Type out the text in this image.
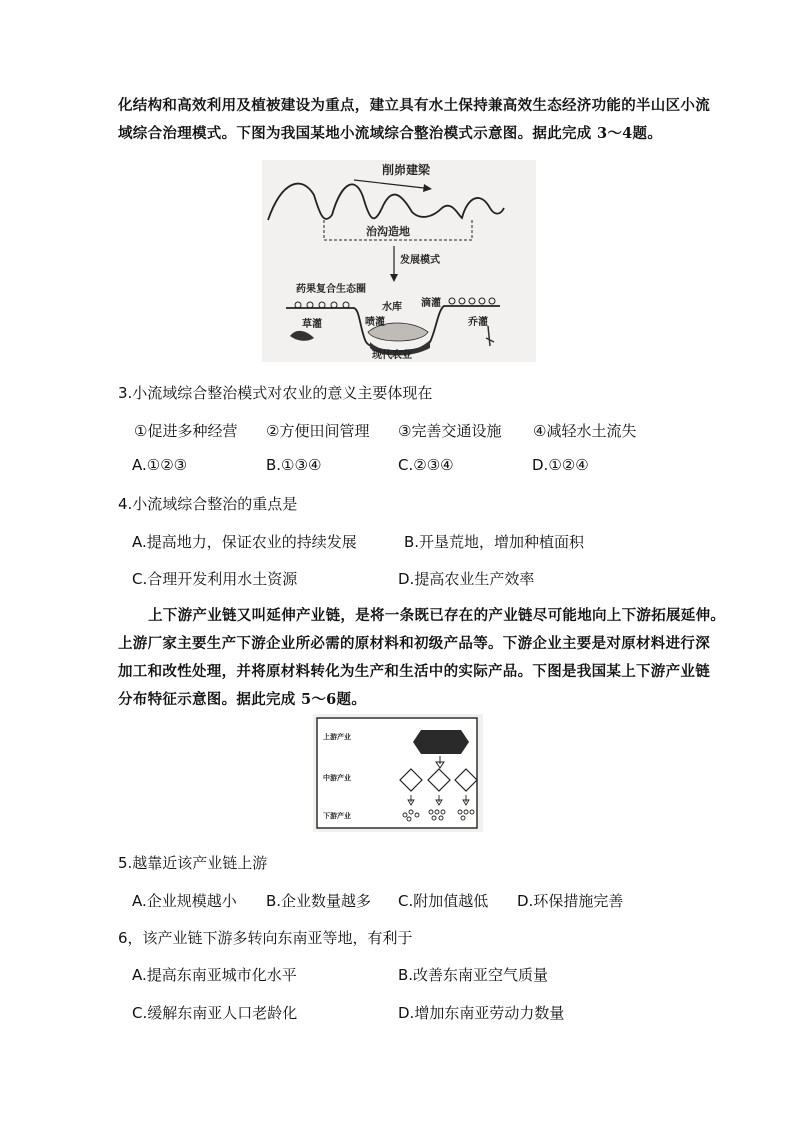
化结构和高效利用及植被建设为重点，建立具有水土保持兼高效生态经济功能的半山区小流
域综合治理模式。下图为我国某地小流域综合整治模式示意图。据此完成 3～4题。
削峁建梁
治沟造地
发展模式
药果复合生态圈
水库 滴灌
喷灌
草灌	乔灌
现代农业
3.小流域综合整治模式对农业的意义主要体现在
①促进多种经营 ②方便田间管理 ③完善交通设施 ④减轻水土流失
A.①②③	B.①③④	C.②③④	D.①②④
4.小流域综合整治的重点是
A.提高地力，保证农业的持续发展	B.开垦荒地，增加种植面积
C.合理开发利用水土资源	D.提高农业生产效率
上下游产业链又叫延伸产业链，是将一条既已存在的产业链尽可能地向上下游拓展延伸。
上游厂家主要生产下游企业所必需的原材料和初级产品等。下游企业主要是对原材料进行深
加工和改性处理，并将原材料转化为生产和生活中的实际产品。下图是我国某上下游产业链
分布特征示意图。据此完成 5～6题。
上游产业
中游产业
下游产业
5.越靠近该产业链上游
A.企业规模越小 B.企业数量越多 C.附加值越低 D.环保措施完善
6，该产业链下游多转向东南亚等地，有利于
A.提高东南亚城市化水平	B.改善东南亚空气质量
C.缓解东南亚人口老龄化	D.增加东南亚劳动力数量
